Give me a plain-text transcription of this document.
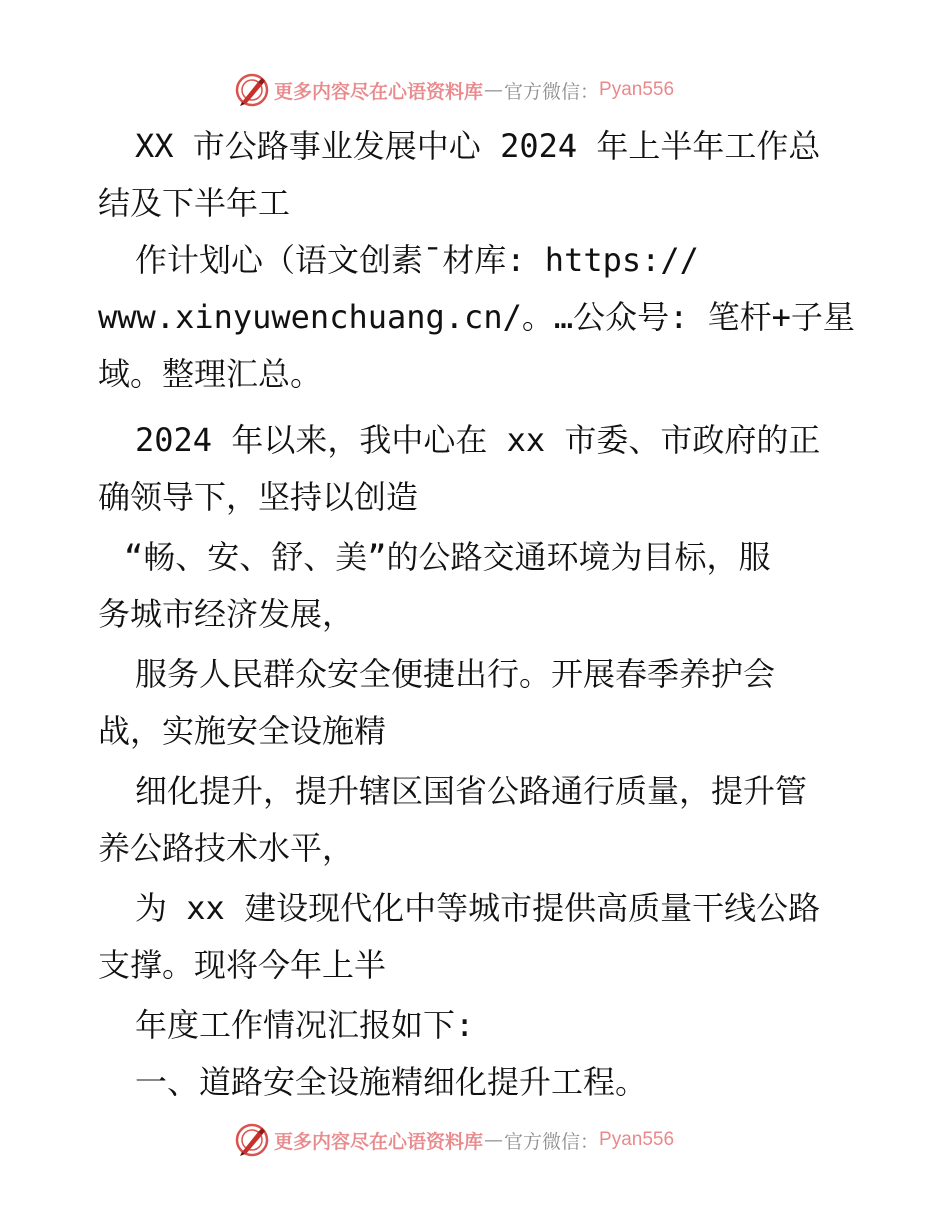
更多内容尽在心语资料库 — 官方微信： Pyan556
XX 市公路事业发展中心 2024 年上半年工作总
结及下半年工
作计划心（语文创素¯材库: https://
www.xinyuwenchuang.cn/。…公众号: 笔杆+子星
域。整理汇总。
2024 年以来，我中心在 xx 市委、市政府的正
确领导下，坚持以创造
“畅、安、舒、美”的公路交通环境为目标，服
务城市经济发展，
服务人民群众安全便捷出行。开展春季养护会
战，实施安全设施精
细化提升，提升辖区国省公路通行质量，提升管
养公路技术水平，
为 xx 建设现代化中等城市提供高质量干线公路
支撑。现将今年上半
年度工作情况汇报如下:
一、道路安全设施精细化提升工程。
更多内容尽在心语资料库 — 官方微信： Pyan556
